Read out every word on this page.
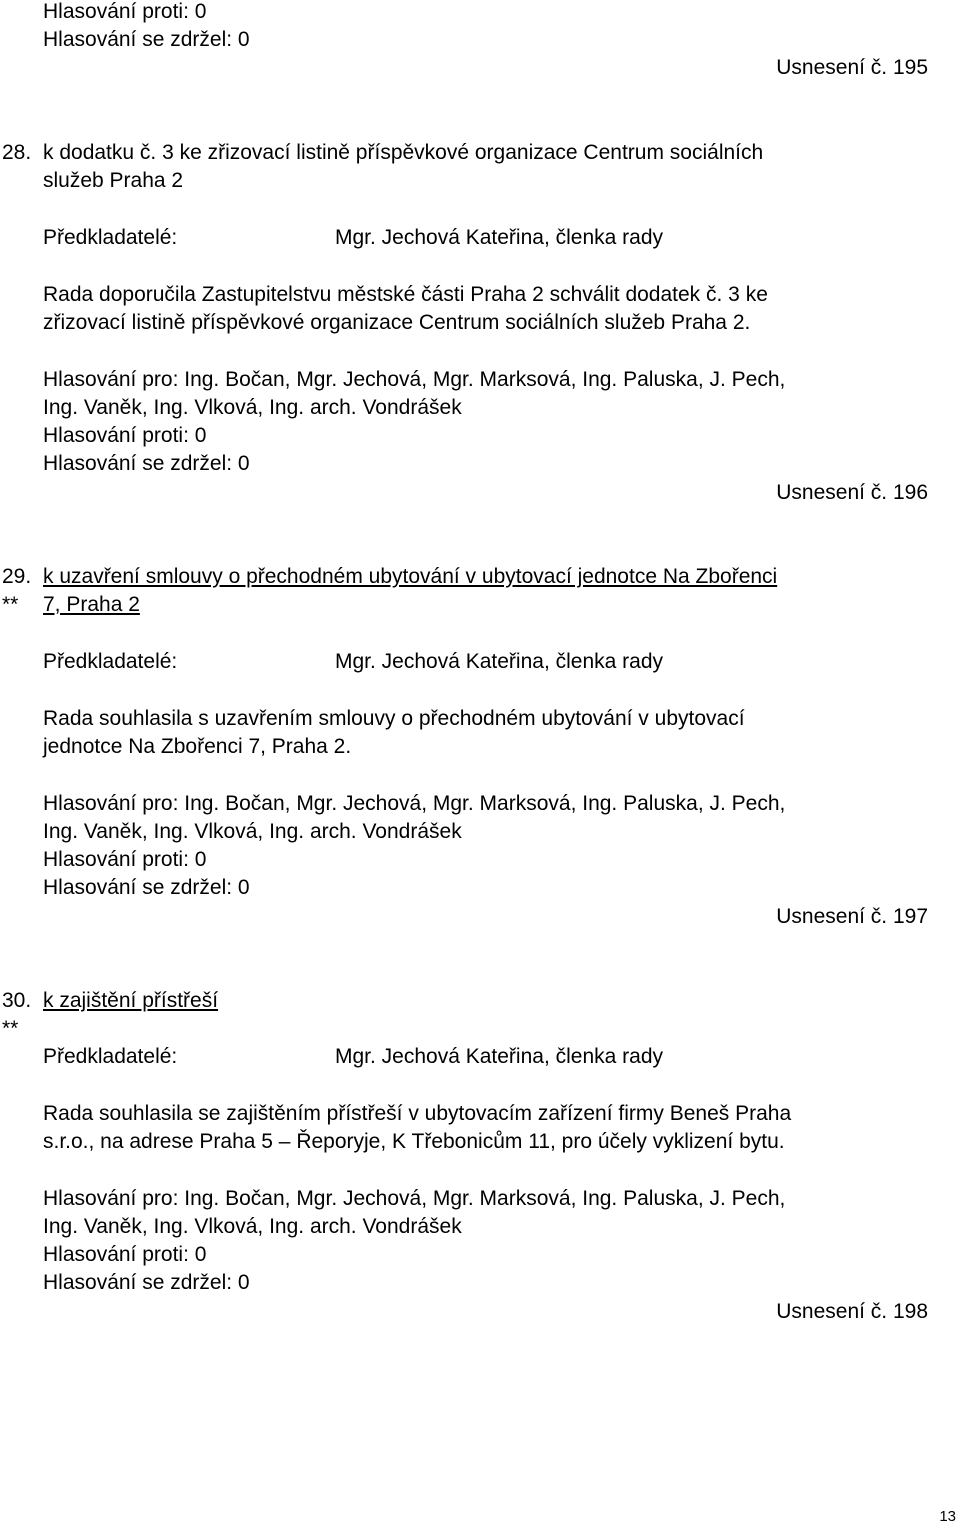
Hlasování proti: 0
Hlasování se zdržel: 0
Usnesení č. 195
28. k dodatku č. 3 ke zřizovací listině příspěvkové organizace Centrum sociálních
služeb Praha 2
Předkladatelé:	Mgr. Jechová Kateřina, členka rady
Rada doporučila Zastupitelstvu městské části Praha 2 schválit dodatek č. 3 ke
zřizovací listině příspěvkové organizace Centrum sociálních služeb Praha 2.
Hlasování pro: Ing. Bočan, Mgr. Jechová, Mgr. Marksová, Ing. Paluska, J. Pech,
Ing. Vaněk, Ing. Vlková, Ing. arch. Vondrášek
Hlasování proti: 0
Hlasování se zdržel: 0
Usnesení č. 196
29.
**
k uzavření smlouvy o přechodném ubytování v ubytovací jednotce Na Zbořenci
7, Praha 2
Předkladatelé:	Mgr. Jechová Kateřina, členka rady
Rada souhlasila s uzavřením smlouvy o přechodném ubytování v ubytovací
jednotce Na Zbořenci 7, Praha 2.
Hlasování pro: Ing. Bočan, Mgr. Jechová, Mgr. Marksová, Ing. Paluska, J. Pech,
Ing. Vaněk, Ing. Vlková, Ing. arch. Vondrášek
Hlasování proti: 0
Hlasování se zdržel: 0
Usnesení č. 197
30.
**
k zajištění přístřeší
Předkladatelé:	Mgr. Jechová Kateřina, členka rady
Rada souhlasila se zajištěním přístřeší v ubytovacím zařízení firmy Beneš Praha
s.r.o., na adrese Praha 5 – Řeporyje, K Třebonicům 11, pro účely vyklizení bytu.
Hlasování pro: Ing. Bočan, Mgr. Jechová, Mgr. Marksová, Ing. Paluska, J. Pech,
Ing. Vaněk, Ing. Vlková, Ing. arch. Vondrášek
Hlasování proti: 0
Hlasování se zdržel: 0
Usnesení č. 198
13
